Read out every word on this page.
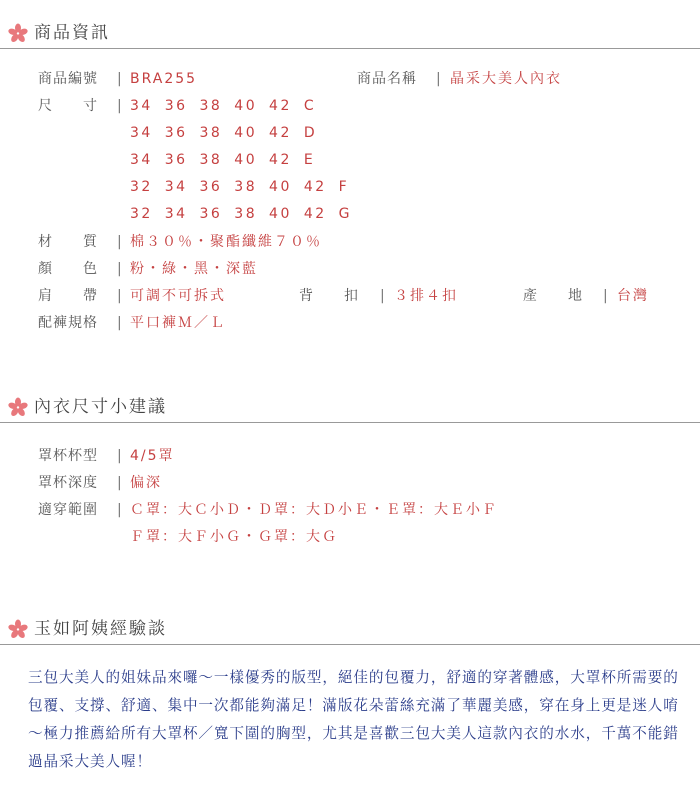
商品資訊
商品編號 | BRA255	商品名稱 | 晶采大美人內衣
尺　　寸 | 34 36 38 40 42 C
34 36 38 40 42 D
34 36 38 40 42 E
32 34 36 38 40 42 F
32 34 36 38 40 42 G
材　　質 | 棉３０％・聚酯纖維７０％
顏　　色 | 粉・綠・黑・深藍
肩　　帶 | 可調不可拆式	背　　扣 | ３排４扣	產　　地 | 台灣
配褲規格 | 平口褲Ｍ／Ｌ
內衣尺寸小建議
罩杯杯型 | 4/5罩
罩杯深度 | 偏深
適穿範圍 | Ｃ罩：大Ｃ小Ｄ・Ｄ罩：大Ｄ小Ｅ・Ｅ罩：大Ｅ小Ｆ
Ｆ罩：大Ｆ小Ｇ・Ｇ罩：大Ｇ
玉如阿姨經驗談

三包大美人的姐妹品來囉～一樣優秀的版型，絕佳的包覆力，舒適的穿著體感，大罩杯所需要的包覆、支撐、舒適、集中一次都能夠滿足！滿版花朵蕾絲充滿了華麗美感，穿在身上更是迷人唷～極力推薦給所有大罩杯／寬下圍的胸型，尤其是喜歡三包大美人這款內衣的水水，千萬不能錯過晶采大美人喔！
